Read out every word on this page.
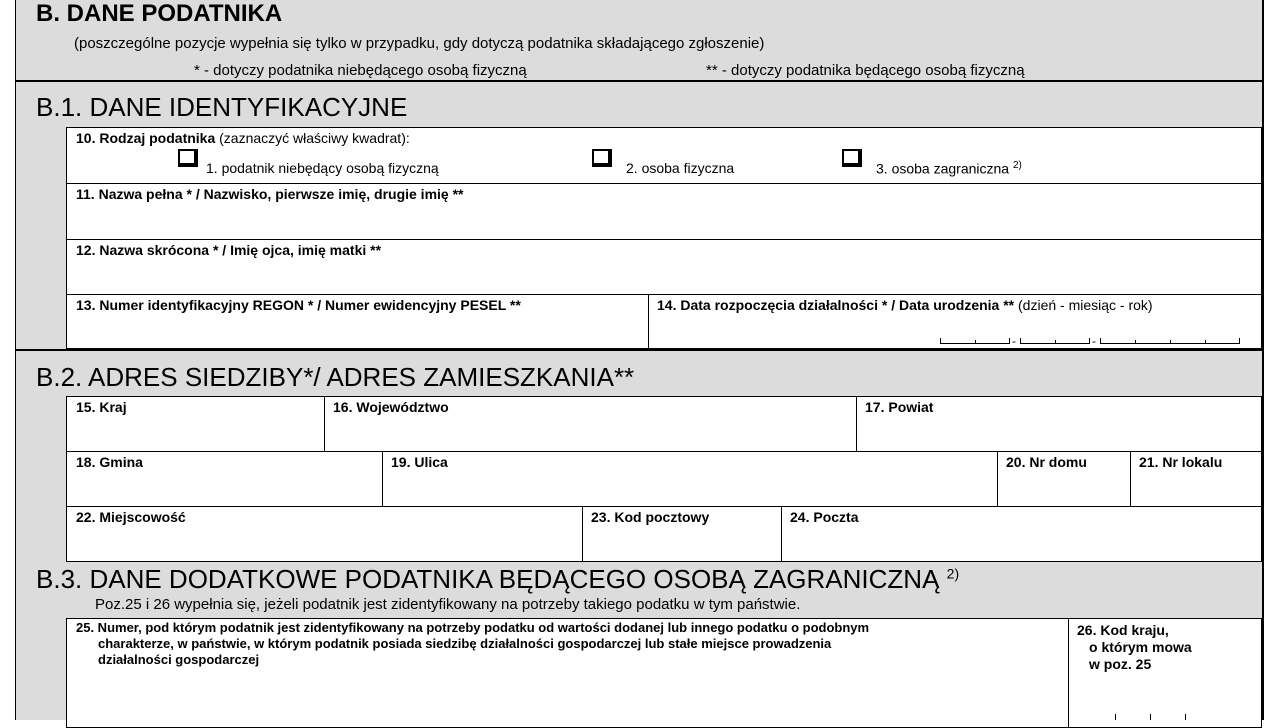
B. DANE PODATNIKA
(poszczególne pozycje wypełnia się tylko w przypadku, gdy dotyczą podatnika składającego zgłoszenie)
* - dotyczy podatnika niebędącego osobą fizyczną	** - dotyczy podatnika będącego osobą fizyczną
B.1. DANE IDENTYFIKACYJNE
10. Rodzaj podatnika (zaznaczyć właściwy kwadrat):
1. podatnik niebędący osobą fizyczną	2. osoba fizyczna	3. osoba zagraniczna $^{2)}$
11. Nazwa pełna * / Nazwisko, pierwsze imię, drugie imię **
12. Nazwa skrócona * / Imię ojca, imię matki **
13. Numer identyfikacyjny REGON * / Numer ewidencyjny PESEL **	14. Data rozpoczęcia działalności * / Data urodzenia ** (dzień - miesiąc - rok)
-	-
B.2. ADRES SIEDZIBY*/ ADRES ZAMIESZKANIA**
15. Kraj	16. Województwo	17. Powiat
18. Gmina	19. Ulica	20. Nr domu	21. Nr lokalu
22. Miejscowość	23. Kod pocztowy	24. Poczta
B.3. DANE DODATKOWE PODATNIKA BĘDĄCEGO OSOBĄ ZAGRANICZNĄ $^{2)}$
Poz.25 i 26 wypełnia się, jeżeli podatnik jest zidentyfikowany na potrzeby takiego podatku w tym państwie.
25. Numer, pod którym podatnik jest zidentyfikowany na potrzeby podatku od wartości dodanej lub innego podatku o podobnym
charakterze, w państwie, w którym podatnik posiada siedzibę działalności gospodarczej lub stałe miejsce prowadzenia
działalności gospodarczej
26. Kod kraju,
o którym mowa
w poz. 25
